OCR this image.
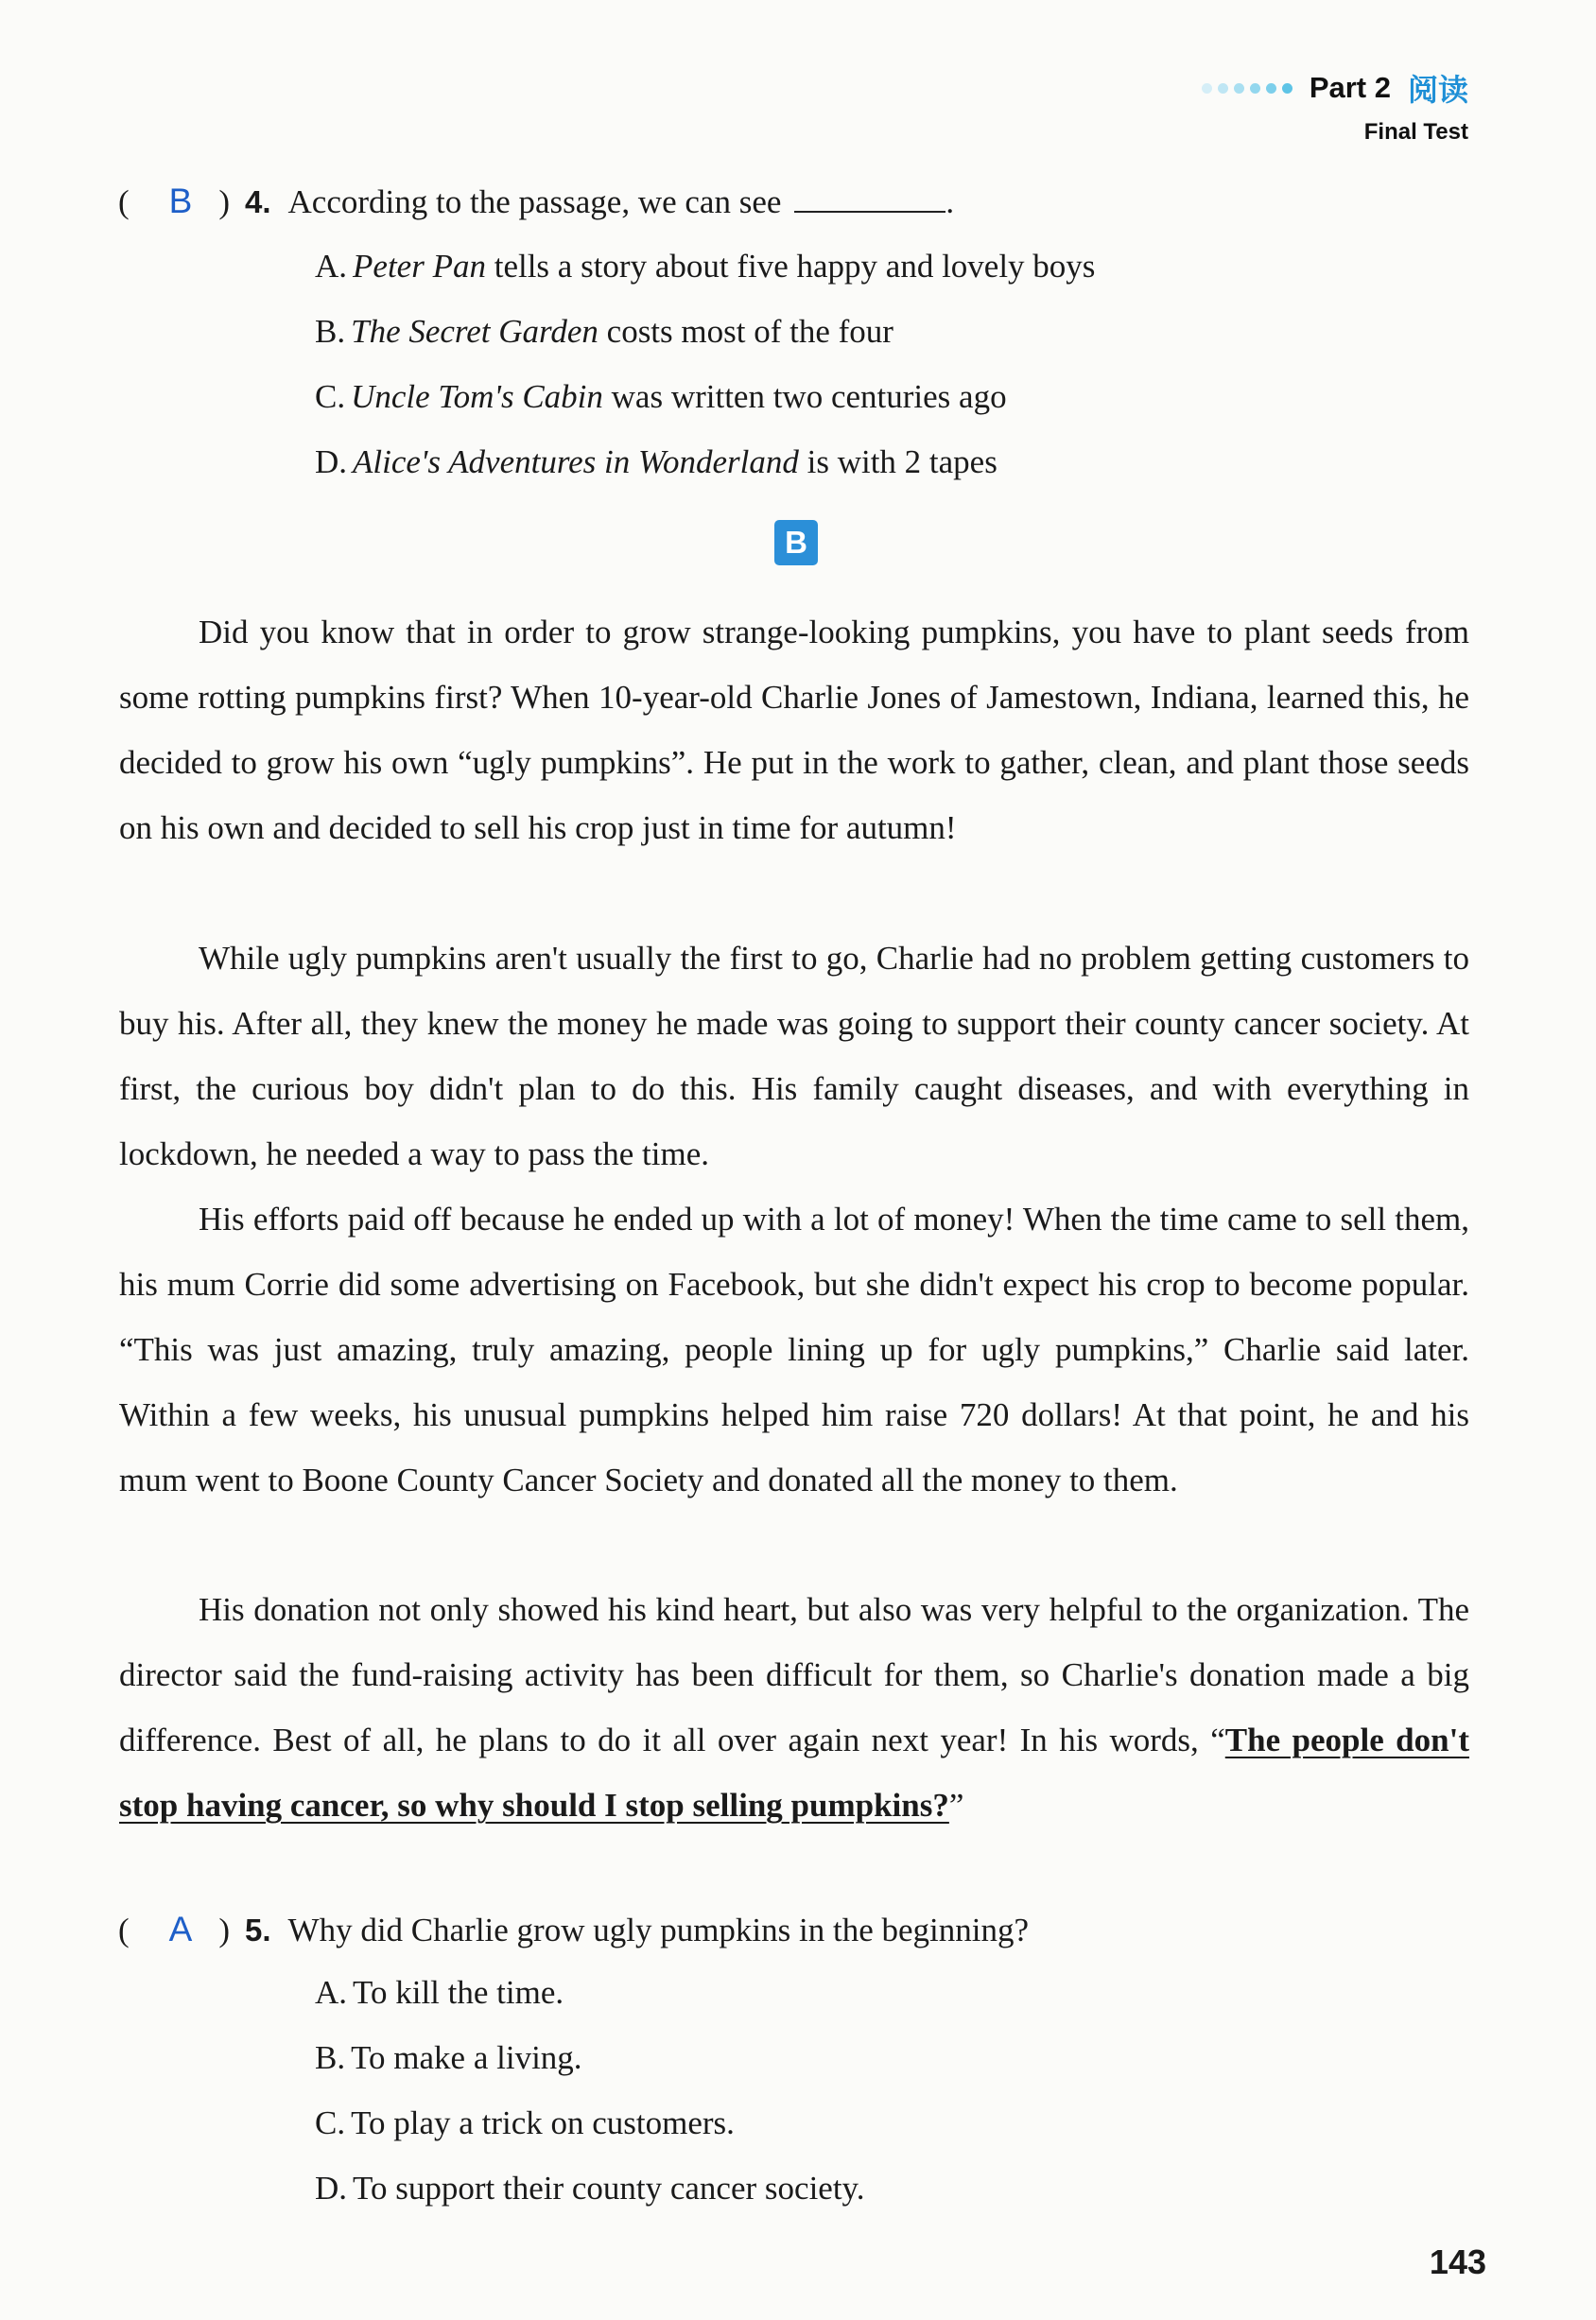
Part 2 阅读
Final Test
(	B ) 4. According to the passage, we can see	.
A. Peter Pan tells a story about five happy and lovely boys
B. The Secret Garden costs most of the four
C. Uncle Tom's Cabin was written two centuries ago
D. Alice's Adventures in Wonderland is with 2 tapes
B
Did you know that in order to grow strange-looking pumpkins, you have to plant seeds from some rotting pumpkins first? When 10-year-old Charlie Jones of Jamestown, Indiana, learned this, he decided to grow his own “ugly pumpkins”. He put in the work to gather, clean, and plant those seeds on his own and decided to sell his crop just in time for autumn!
While ugly pumpkins aren't usually the first to go, Charlie had no problem getting customers to buy his. After all, they knew the money he made was going to support their county cancer society. At first, the curious boy didn't plan to do this. His family caught diseases, and with everything in lockdown, he needed a way to pass the time.
His efforts paid off because he ended up with a lot of money! When the time came to sell them, his mum Corrie did some advertising on Facebook, but she didn't expect his crop to become popular. “This was just amazing, truly amazing, people lining up for ugly pumpkins,” Charlie said later. Within a few weeks, his unusual pumpkins helped him raise 720 dollars! At that point, he and his mum went to Boone County Cancer Society and donated all the money to them.
His donation not only showed his kind heart, but also was very helpful to the organization. The director said the fund-raising activity has been difficult for them, so Charlie's donation made a big difference. Best of all, he plans to do it all over again next year! In his words, “The people don't stop having cancer, so why should I stop selling pumpkins?”
(	A ) 5. Why did Charlie grow ugly pumpkins in the beginning?
A. To kill the time.
B. To make a living.
C. To play a trick on customers.
D. To support their county cancer society.
143
